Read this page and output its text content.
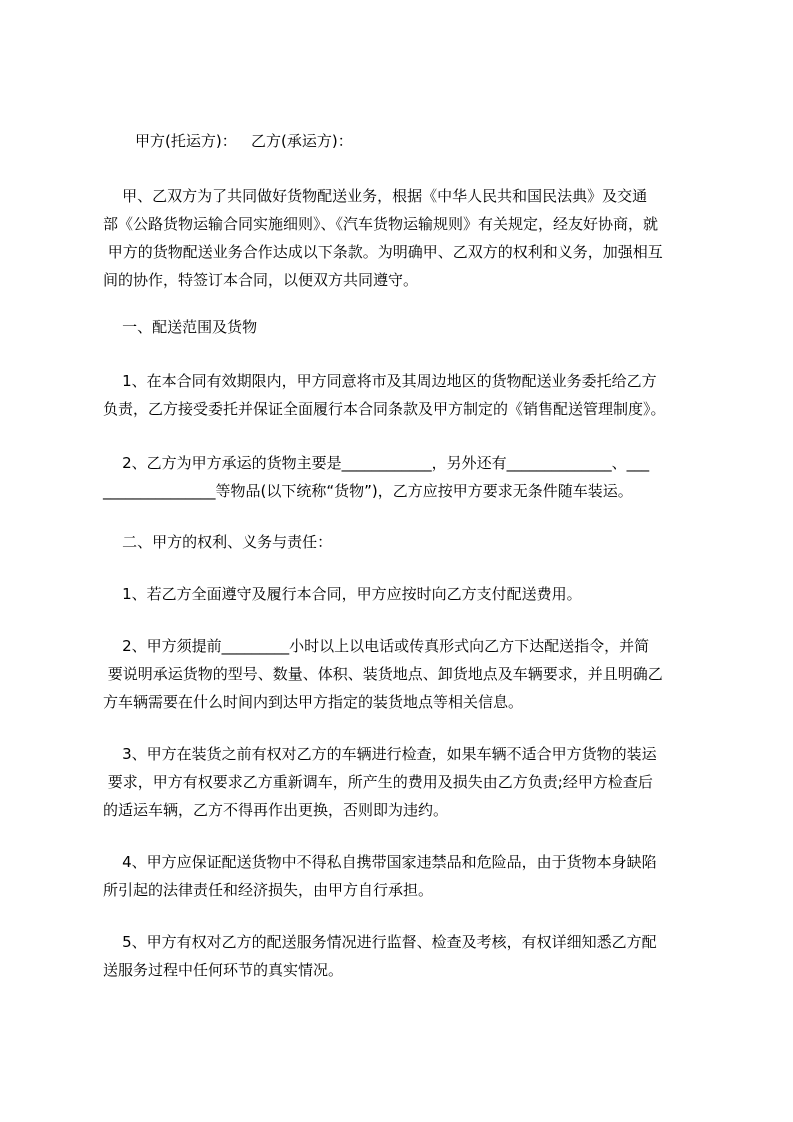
甲方(托运方)：   乙方(承运方)：

甲、乙双方为了共同做好货物配送业务，根据《中华人民共和国民法典》及交通
部《公路货物运输合同实施细则》、《汽车货物运输规则》有关规定，经友好协商，就
甲方的货物配送业务合作达成以下条款。为明确甲、乙双方的权利和义务，加强相互
间的协作，特签订本合同，以便双方共同遵守。

一、配送范围及货物

1、在本合同有效期限内，甲方同意将市及其周边地区的货物配送业务委托给乙方
负责，乙方接受委托并保证全面履行本合同条款及甲方制定的《销售配送管理制度》。

2、乙方为甲方承运的货物主要是____________，另外还有______________、___
_______________等物品(以下统称“货物”)，乙方应按甲方要求无条件随车装运。

二、甲方的权利、义务与责任：

1、若乙方全面遵守及履行本合同，甲方应按时向乙方支付配送费用。

2、甲方须提前_________小时以上以电话或传真形式向乙方下达配送指令，并简
要说明承运货物的型号、数量、体积、装货地点、卸货地点及车辆要求，并且明确乙
方车辆需要在什么时间内到达甲方指定的装货地点等相关信息。

3、甲方在装货之前有权对乙方的车辆进行检查，如果车辆不适合甲方货物的装运
要求，甲方有权要求乙方重新调车，所产生的费用及损失由乙方负责;经甲方检查后
的适运车辆，乙方不得再作出更换，否则即为违约。

4、甲方应保证配送货物中不得私自携带国家违禁品和危险品，由于货物本身缺陷
所引起的法律责任和经济损失，由甲方自行承担。

5、甲方有权对乙方的配送服务情况进行监督、检查及考核，有权详细知悉乙方配
送服务过程中任何环节的真实情况。
